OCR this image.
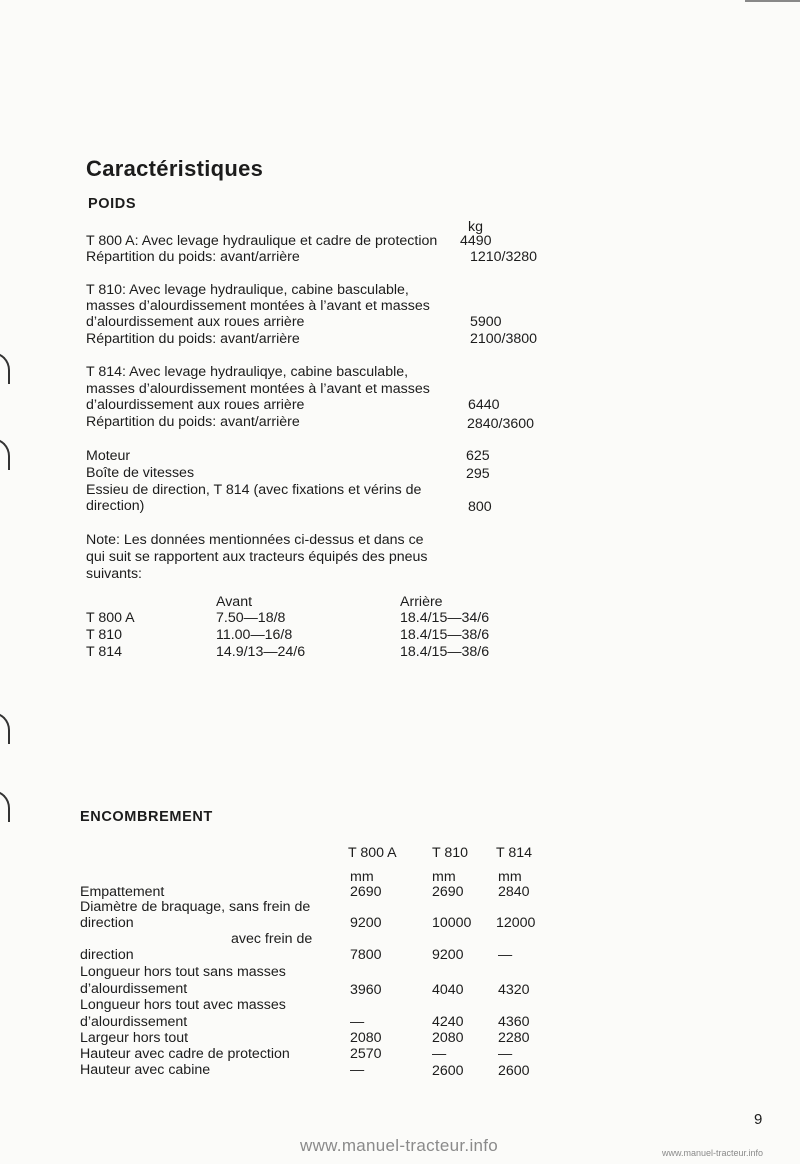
Caractéristiques
POIDS
kg
T 800 A: Avec levage hydraulique et cadre de protection 4490
Répartition du poids: avant/arrière	1210/3280
T 810: Avec levage hydraulique, cabine basculable,
masses d’alourdissement montées à l’avant et masses
d’alourdissement aux roues arrière	5900
Répartition du poids: avant/arrière	2100/3800
T 814: Avec levage hydrauliqye, cabine basculable,
masses d’alourdissement montées à l’avant et masses
d’alourdissement aux roues arrière	6440
Répartition du poids: avant/arrière	2840/3600
Moteur	625
Boîte de vitesses	295
Essieu de direction, T 814 (avec fixations et vérins de
direction)	800
Note: Les données mentionnées ci-dessus et dans ce
qui suit se rapportent aux tracteurs équipés des pneus
suivants:
Avant	Arrière
T 800 A	7.50—18/8	18.4/15—34/6
T 810	11.00—16/8	18.4/15—38/6
T 814	14.9/13—24/6	18.4/15—38/6
ENCOMBREMENT
T 800 A T 810 T 814
mm	mm	mm
Empattement	2690	2690 2840
Diamètre de braquage, sans frein de
direction	9200	10000 12000
avec frein de
direction	7800	9200 —
Longueur hors tout sans masses
d’alourdissement	3960	4040 4320
Longueur hors tout avec masses
d’alourdissement	—	4240 4360
Largeur hors tout	2080	2080 2280
Hauteur avec cadre de protection	2570	—	—
Hauteur avec cabine	—	2600 2600
9
www.manuel-tracteur.info	www.manuel-tracteur.info
